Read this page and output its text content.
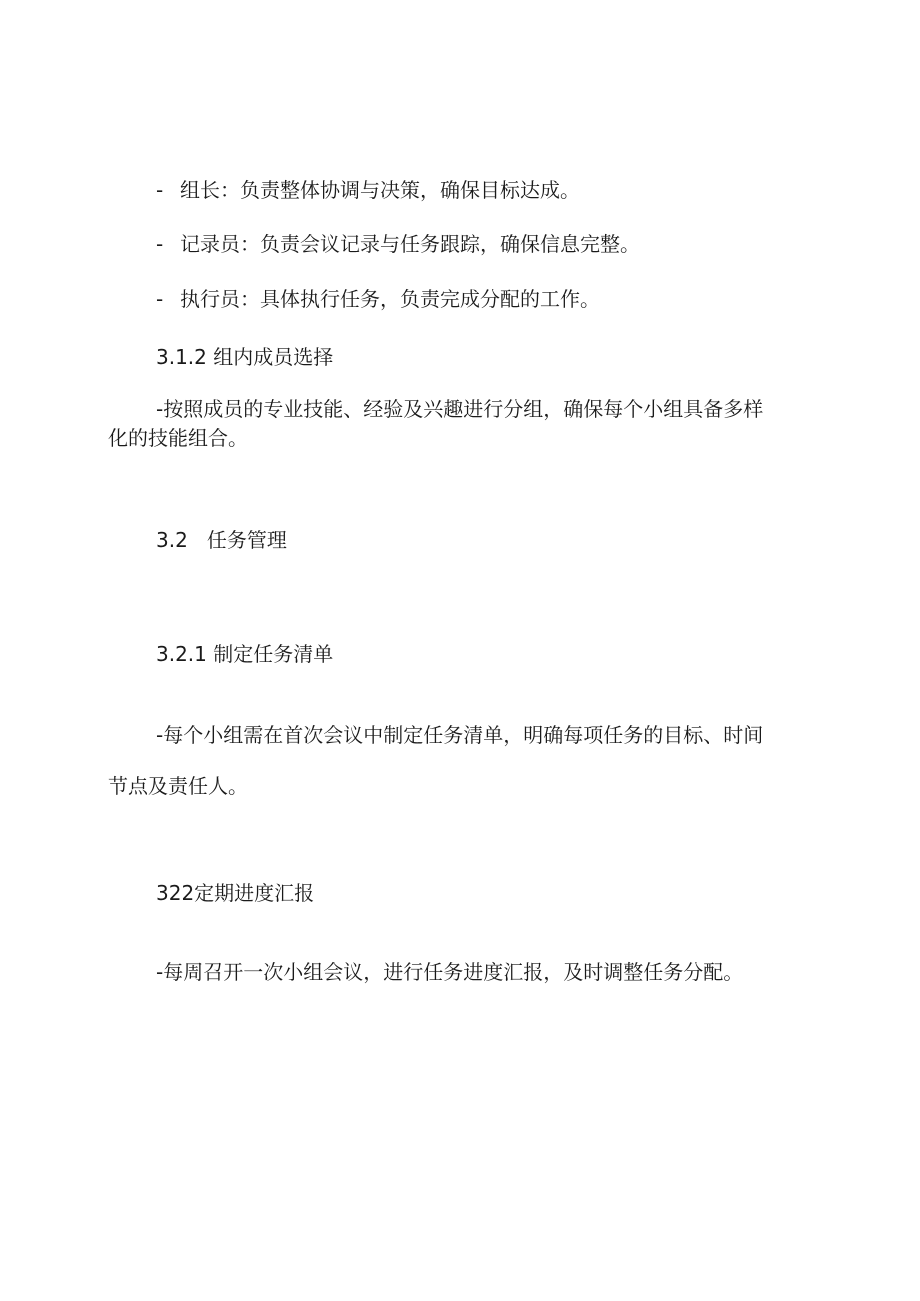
- 组长：负责整体协调与决策，确保目标达成。
- 记录员：负责会议记录与任务跟踪，确保信息完整。
- 执行员：具体执行任务，负责完成分配的工作。
3.1.2 组内成员选择
-按照成员的专业技能、经验及兴趣进行分组，确保每个小组具备多样
化的技能组合。
3.2   任务管理
3.2.1 制定任务清单
-每个小组需在首次会议中制定任务清单，明确每项任务的目标、时间
节点及责任人。
322定期进度汇报
-每周召开一次小组会议，进行任务进度汇报，及时调整任务分配。
